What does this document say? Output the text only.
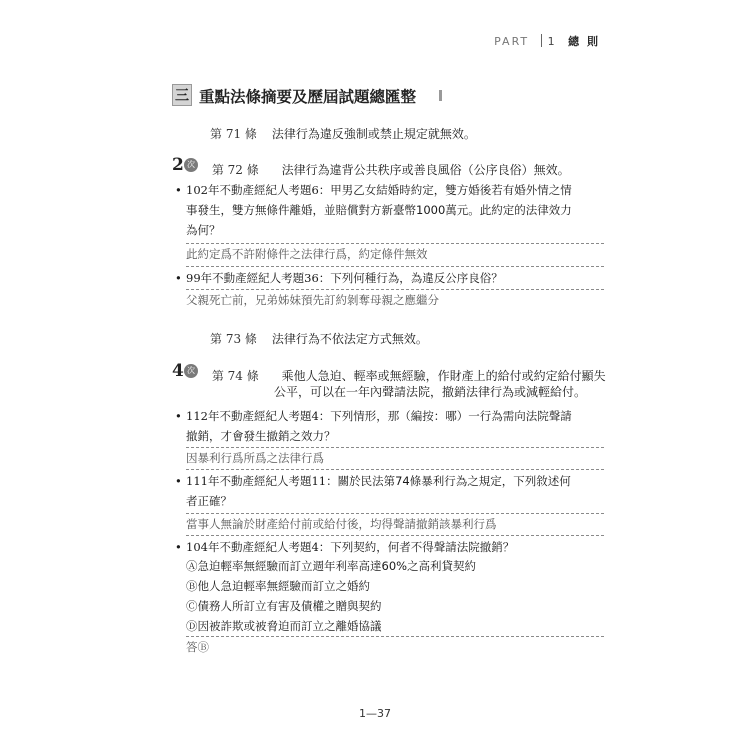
PART 1 總 則
三 重點法條摘要及歷屆試題總匯整
第 71 條 法律行為違反強制或禁止規定就無效。
2 次 第 72 條 法律行為違背公共秩序或善良風俗（公序良俗）無效。
• 102年不動產經紀人考題6：甲男乙女結婚時約定，雙方婚後若有婚外情之情
事發生，雙方無條件離婚，並賠償對方新臺幣1000萬元。此約定的法律效力
為何？
此約定爲不許附條件之法律行爲，約定條件無效
• 99年不動產經紀人考題36：下列何種行為，為違反公序良俗？
父親死亡前，兄弟姊妹預先訂約剝奪母親之應繼分
第 73 條 法律行為不依法定方式無效。
4 次 第 74 條 乘他人急迫、輕率或無經驗，作財產上的給付或約定給付顯失
公平，可以在一年內聲請法院，撤銷法律行為或減輕給付。
• 112年不動產經紀人考題4：下列情形，那（編按：哪）一行為需向法院聲請
撤銷，才會發生撤銷之效力？
因暴利行爲所爲之法律行爲
• 111年不動產經紀人考題11：關於民法第74條暴利行為之規定，下列敘述何
者正確？
當事人無論於財產給付前或給付後，均得聲請撤銷該暴利行爲
• 104年不動產經紀人考題4：下列契約，何者不得聲請法院撤銷？
Ⓐ急迫輕率無經驗而訂立週年利率高達60%之高利貸契約
Ⓑ他人急迫輕率無經驗而訂立之婚約
Ⓒ債務人所訂立有害及債權之贈與契約
Ⓓ因被詐欺或被脅迫而訂立之離婚協議
答Ⓑ
1—37
